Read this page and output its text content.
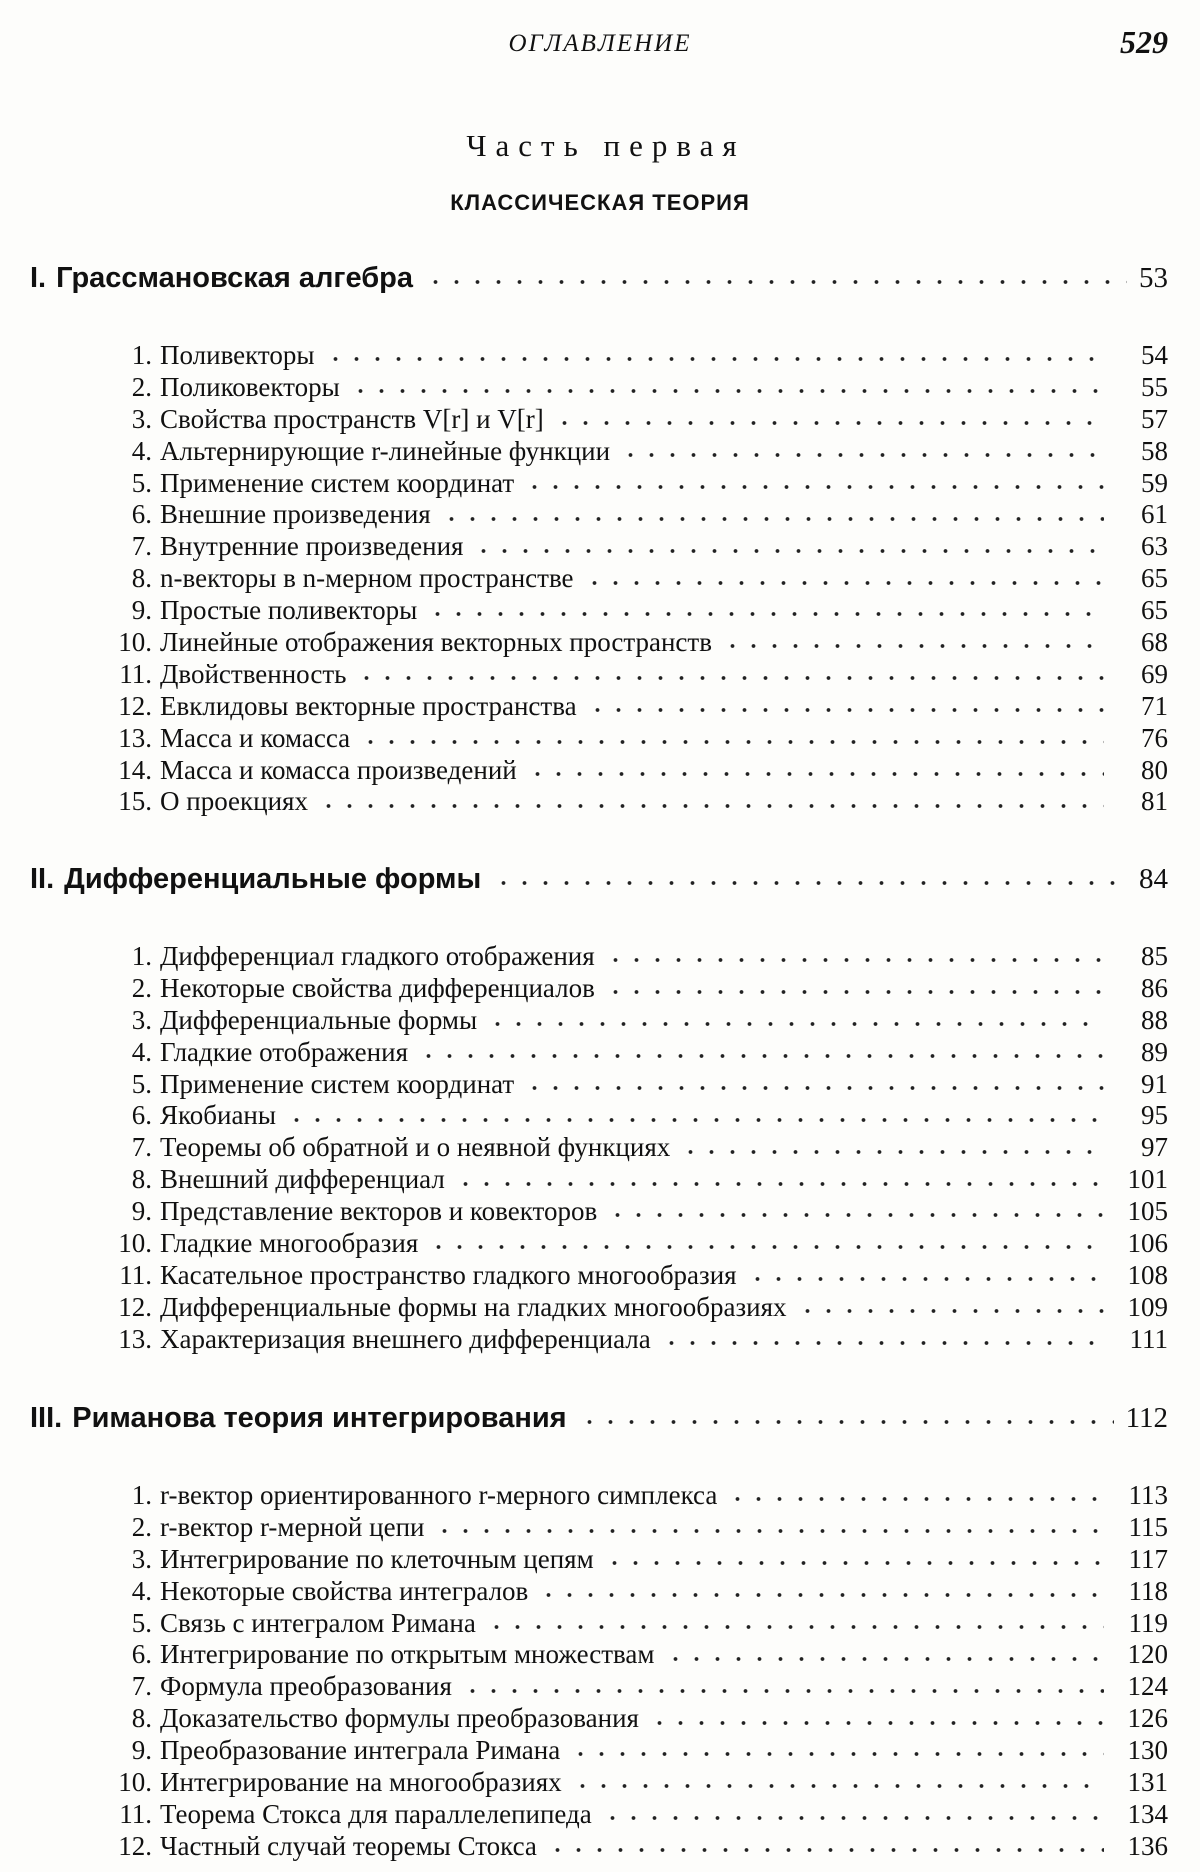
ОГЛАВЛЕНИЕ	529
Часть первая
КЛАССИЧЕСКАЯ ТЕОРИЯ
I. Грассмановская алгебра	53
1. Поливекторы	54
2. Поликовекторы	55
3. Свойства пространств V[r] и V[r]	57
4. Альтернирующие r-линейные функции	58
5. Применение систем координат	59
6. Внешние произведения	61
7. Внутренние произведения	63
8. n-векторы в n-мерном пространстве	65
9. Простые поливекторы	65
10. Линейные отображения векторных пространств	68
11. Двойственность	69
12. Евклидовы векторные пространства	71
13. Масса и комасса	76
14. Масса и комасса произведений	80
15. О проекциях	81
II. Дифференциальные формы	84
1. Дифференциал гладкого отображения	85
2. Некоторые свойства дифференциалов	86
3. Дифференциальные формы	88
4. Гладкие отображения	89
5. Применение систем координат	91
6. Якобианы	95
7. Теоремы об обратной и о неявной функциях	97
8. Внешний дифференциал	101
9. Представление векторов и ковекторов	105
10. Гладкие многообразия	106
11. Касательное пространство гладкого многообразия	108
12. Дифференциальные формы на гладких многообразиях	109
13. Характеризация внешнего дифференциала	111
III. Риманова теория интегрирования	112
1. r-вектор ориентированного r-мерного симплекса	113
2. r-вектор r-мерной цепи	115
3. Интегрирование по клеточным цепям	117
4. Некоторые свойства интегралов	118
5. Связь с интегралом Римана	119
6. Интегрирование по открытым множествам	120
7. Формула преобразования	124
8. Доказательство формулы преобразования	126
9. Преобразование интеграла Римана	130
10. Интегрирование на многообразиях	131
11. Теорема Стокса для параллелепипеда	134
12. Частный случай теоремы Стокса	136
